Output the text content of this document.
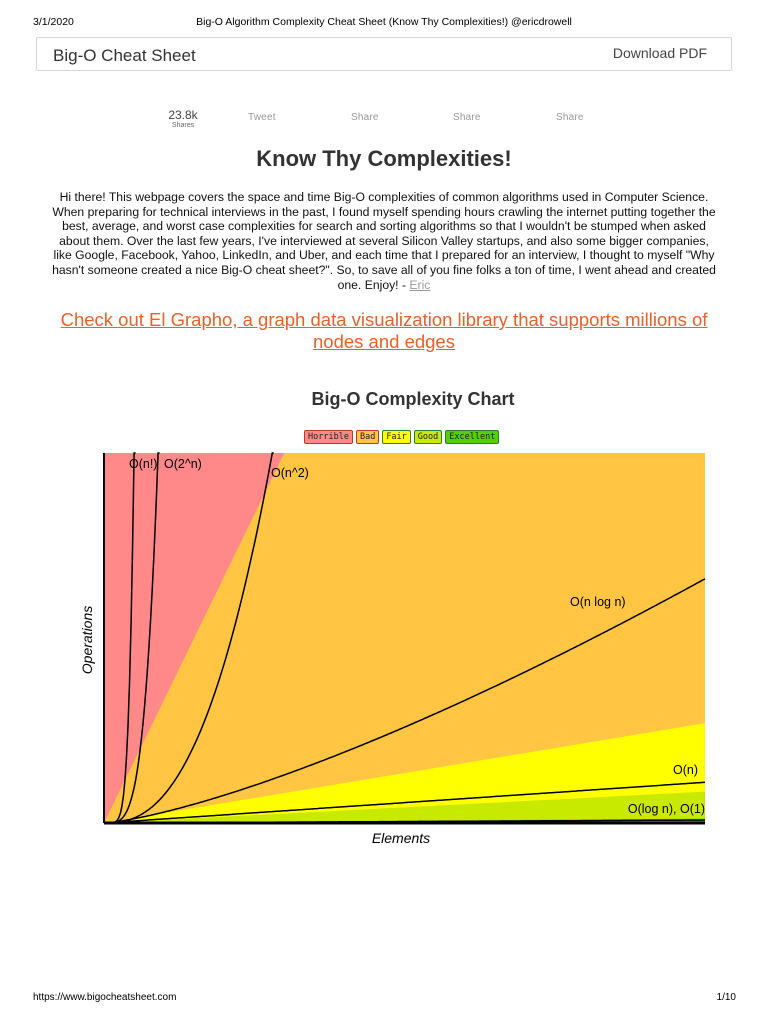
3/1/2020	Big-O Algorithm Complexity Cheat Sheet (Know Thy Complexities!) @ericdrowell
Big-O Cheat Sheet	Download PDF
23.8k
Shares
Tweet	Share	Share	Share
Know Thy Complexities!

Hi there! This webpage covers the space and time Big-O complexities of common algorithms used in Computer Science. When preparing for technical interviews in the past, I found myself spending hours crawling the internet putting together the best, average, and worst case complexities for search and sorting algorithms so that I wouldn't be stumped when asked about them. Over the last few years, I've interviewed at several Silicon Valley startups, and also some bigger companies, like Google, Facebook, Yahoo, LinkedIn, and Uber, and each time that I prepared for an interview, I thought to myself "Why hasn't someone created a nice Big-O cheat sheet?". So, to save all of you fine folks a ton of time, I went ahead and created one. Enjoy! - Eric

Check out El Grapho, a graph data visualization library that supports millions of nodes and edges
Big-O Complexity Chart
Horrible	Bad	Fair	Good	Excellent
O(n!) O(2^n)
O(n^2)
O(n log n)
O(n)
O(log n), O(1)
Elements
Operations
https://www.bigocheatsheet.com	1/10
